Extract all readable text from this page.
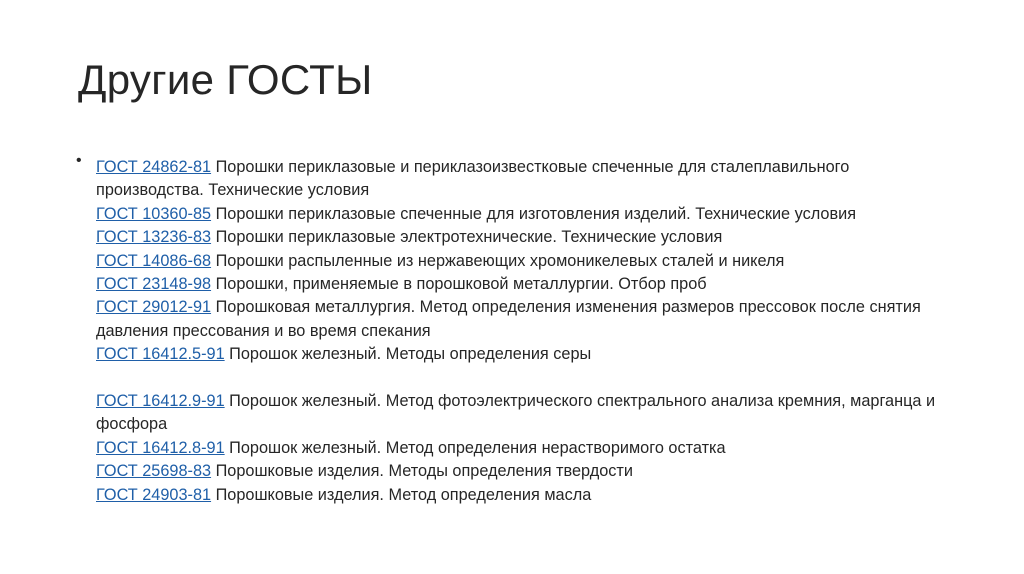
Другие ГОСТЫ
• ГОСТ 24862-81 Порошки периклазовые и периклазоизвестковые спеченные для сталеплавильного производства. Технические условия
ГОСТ 10360-85 Порошки периклазовые спеченные для изготовления изделий. Технические условия
ГОСТ 13236-83 Порошки периклазовые электротехнические. Технические условия
ГОСТ 14086-68 Порошки распыленные из нержавеющих хромоникелевых сталей и никеля
ГОСТ 23148-98 Порошки, применяемые в порошковой металлургии. Отбор проб
ГОСТ 29012-91 Порошковая металлургия. Метод определения изменения размеров прессовок после снятия давления прессования и во время спекания
ГОСТ 16412.5-91 Порошок железный. Методы определения серы
ГОСТ 16412.9-91 Порошок железный. Метод фотоэлектрического спектрального анализа кремния, марганца и фосфора
ГОСТ 16412.8-91 Порошок железный. Метод определения нерастворимого остатка
ГОСТ 25698-83 Порошковые изделия. Методы определения твердости
ГОСТ 24903-81 Порошковые изделия. Метод определения масла
